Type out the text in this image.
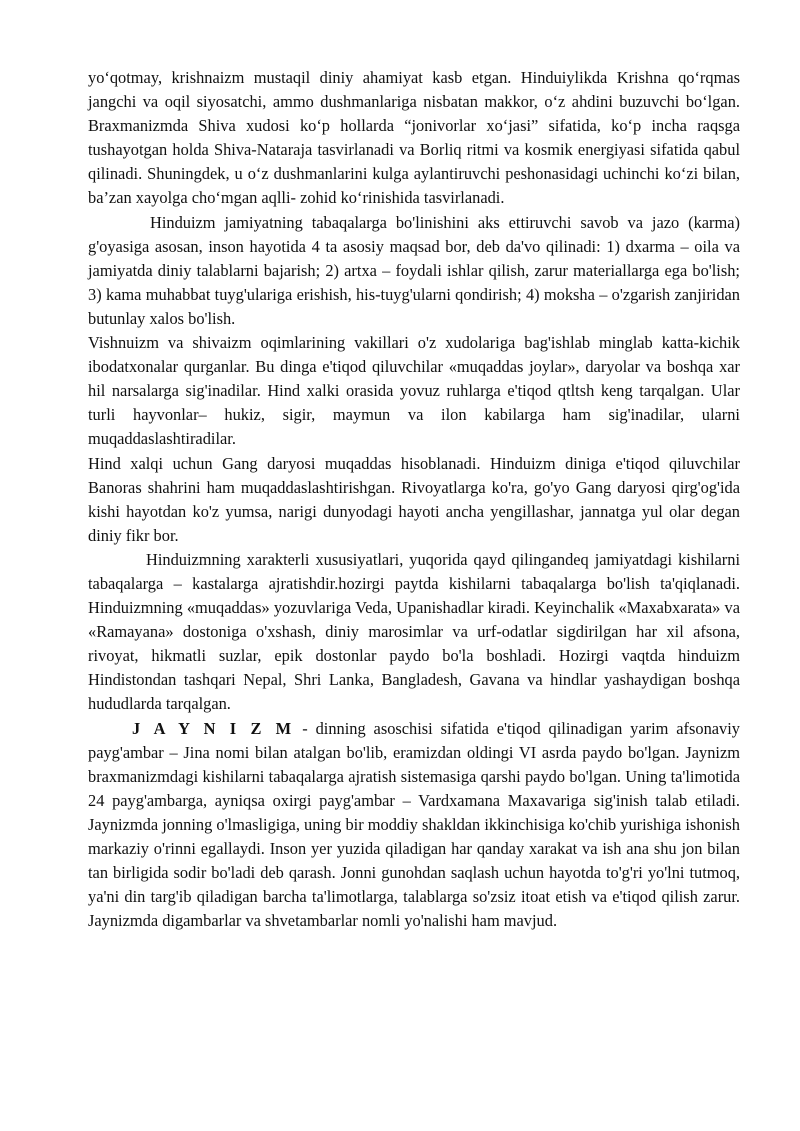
yo‘qotmay, krishnaizm mustaqil diniy ahamiyat kasb etgan. Hinduiylikda Krishna qo‘rqmas jangchi va oqil siyosatchi, ammo dushmanlariga nisbatan makkor, o‘z ahdini buzuvchi bo‘lgan. Braxmanizmda Shiva xudosi ko‘p hollarda “jonivorlar xo‘jasi” sifatida, ko‘p incha raqsga tushayotgan holda Shiva-Nataraja tasvirlanadi va Borliq ritmi va kosmik energiyasi sifatida qabul qilinadi. Shuningdek, u o‘z dushmanlarini kulga aylantiruvchi peshonasidagi uchinchi ko‘zi bilan, ba’zan xayolga cho‘mgan aqlli- zohid ko‘rinishida tasvirlanadi.

Hinduizm jamiyatning tabaqalarga bo'linishini aks ettiruvchi savob va jazo (karma) g'oyasiga asosan, inson hayotida 4 ta asosiy maqsad bor, deb da'vo qilinadi: 1) dxarma – oila va jamiyatda diniy talablarni bajarish; 2) artxa – foydali ishlar qilish, zarur materiallarga ega bo'lish; 3) kama muhabbat tuyg'ulariga erishish, his-tuyg'ularni qondirish; 4) moksha – o'zgarish zanjiridan butunlay xalos bo'lish.

Vishnuizm va shivaizm oqimlarining vakillari o'z xudolariga bag'ishlab minglab katta-kichik ibodatxonalar qurganlar. Bu dinga e'tiqod qiluvchilar «muqaddas joylar», daryolar va boshqa xar hil narsalarga sig'inadilar. Hind xalki orasida yovuz ruhlarga e'tiqod qtltsh keng tarqalgan. Ular turli hayvonlar– hukiz, sigir, maymun va ilon kabilarga ham sig'inadilar, ularni muqaddaslashtiradilar.

Hind xalqi uchun Gang daryosi muqaddas hisoblanadi. Hinduizm diniga e'tiqod qiluvchilar Banoras shahrini ham muqaddaslashtirishgan. Rivoyatlarga ko'ra, go'yo Gang daryosi qirg'og'ida kishi hayotdan ko'z yumsa, narigi dunyodagi hayoti ancha yengillashar, jannatga yul olar degan diniy fikr bor.

Hinduizmning xarakterli xususiyatlari, yuqorida qayd qilingandeq jamiyatdagi kishilarni tabaqalarga – kastalarga ajratishdir.hozirgi paytda kishilarni tabaqalarga bo'lish ta'qiqlanadi. Hinduizmning «muqaddas» yozuvlariga Veda, Upanishadlar kiradi. Keyinchalik «Maxabxarata» va «Ramayana» dostoniga o'xshash, diniy marosimlar va urf-odatlar sigdirilgan har xil afsona, rivoyat, hikmatli suzlar, epik dostonlar paydo bo'la boshladi. Hozirgi vaqtda hinduizm Hindistondan tashqari Nepal, Shri Lanka, Bangladesh, Gavana va hindlar yashaydigan boshqa hududlarda tarqalgan.

J A Y N I Z M - dinning asoschisi sifatida e'tiqod qilinadigan yarim afsonaviy payg'ambar – Jina nomi bilan atalgan bo'lib, eramizdan oldingi VI asrda paydo bo'lgan. Jaynizm braxmanizmdagi kishilarni tabaqalarga ajratish sistemasiga qarshi paydo bo'lgan. Uning ta'limotida 24 payg'ambarga, ayniqsa oxirgi payg'ambar – Vardxamana Maxavariga sig'inish talab etiladi. Jaynizmda jonning o'lmasligiga, uning bir moddiy shakldan ikkinchisiga ko'chib yurishiga ishonish markaziy o'rinni egallaydi. Inson yer yuzida qiladigan har qanday xarakat va ish ana shu jon bilan tan birligida sodir bo'ladi deb qarash. Jonni gunohdan saqlash uchun hayotda to'g'ri yo'lni tutmoq, ya'ni din targ'ib qiladigan barcha ta'limotlarga, talablarga so'zsiz itoat etish va e'tiqod qilish zarur. Jaynizmda digambarlar va shvetambarlar nomli yo'nalishi ham mavjud.
